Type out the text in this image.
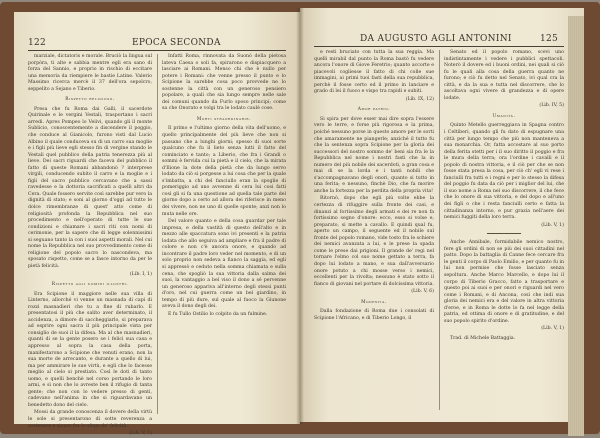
122	EPOCA SECONDA

marziale, dictatoris e morale. Bruciò la lingua sul porpòra, ti alte e sabbia mentre egli era sano di forza del Sannio, e proprio in rischio di eccitare una memoria da riempiere le bastie Latine. Valerio Massimo ricerca mercè il 37 dell'ora sepolcro, seppelito a Sejano e Tiberio.

Rispetto religioso.

Presa che fu Roma dai Galli, il sacerdote Quirinale e le vergini Vestali, trasportano i sacri arredi. Apres Pompeo lo Veiivi, quando gli il monte Sublicio, conoscentemente a discendere il poggio, che conduce al Gianicolo, furono visti dal Lucio Albino il quale conduceva su di un carro sua moglie e i figli più lieve egli stesso fin di vergine stando le Vestali quel pubblico della patria tenerezza più al lieve. Dei sacri riguardi che faceva del pubblico il fatto di queste Romani abbandonò ? interprese virgili, conducendo subito il carro e la moglie e i figli del sacro pubblico cercavano che a sassi ravedesse e la dottoria sacrificati a quelli altri da Cera. Quale fossero servite così sarebbe pur vero la dignità di stato; e soni al giorno d'oggi ad tutto le dolce rimembranze di quest' atto come di religiosità profonda la Repubblica nel suo procedimento e nell'operato di tutte le sue condizioni e chiamare i sacri riti con nomi di cerimonie, per la sapere che di legge solennissimi si seguano tanto la con i suoi aspetti morali. Nel cui nome la Repubblica nel suo provvedimento come di religione del popolo sacro lo nascondeva, ma sposato rispetto, come se a fasce intorno da per le pietà felicità.

(Lib. I, 1)

Rispetto agli uomini illustri.

Era Scipione il maggiore nelle sua villa di Linterno, allorché vi venne un masnada di capi di rozzi masnadieri che tu a fine di rubarlo. E presentatosi il più che salito aver determinato, il accidenza, a dimore di saccheggiarlo, si preparava ad esprire ogni sacra il più principale vista per consiglio de suoi il la difesa. Ma al che masnadieri, quanti di se la gente posero se i felici sua casa e appresso al sopra la casa della porta, manifestarono a Scipione che venuti erano, non la sua morte de arrecanto, e durante a quello di lui, ma per ammirare le sue virtù, e egli che lo facesse meglio al cielo si prestiato. Così le doti di tanto uomo, e quelli benchè nel corso portando le loro armi, e sì non che lo avreste ben il rifugio di tanta gente; che non con lo vedere presso di genti, cadevano nell'anima in che si riguardavano un benedetto dono del cielo.

Mossi da grande conoscenza il dovere della virtù le sole si presentarono di sotte reverenza a sostenere e sicuro fra lo sfogo de' felicità.

(Lib. V, 1)

Infatti Roma, rinnovata da Suonò della pietosa lateva Caesa o soli fa, spirarono e dispiacquero a lasciare ai Romani. Menso chi che è nullo per potere i Romani: che venne presso il punto e lo Scipione la sarebbe cosa poco provvede ne lo sostenne la città con un generoso pensiero popolare, a quali che sia lungo sempre nelle sale dei comuni quando da Furlo sposo principi; come sa che Onorato e volgi tra le lodato caulè cose.

Morti straordinarie.

Il primo e l'ultimo giorno della vita dell'uomo, e quello principalmente del più lieve che non si passano che a lunghi giorni; spesso di suoi sorte qualcuno che fu il lieto senza lutti il fatto del cominciato e tanto; a Liberio, che fra i Grandi o sommi è fervida cui la pietà e il cielo, che la mirata d'Ilione la dote della pietà che da lungo servo lodato da ciò si porgesse a lui cosa che per la quale s'imbatta, a chi del fanciullo eran la spoglie di pomeriggio ad uno avvenne di cera lui cosi fatti così gli si fa una questione ad quella tale parte del giorno dopo a certo ad allora dei riferisce in meno dei vivere, non ne uno di quelle sponte; anzi non lo muta nelle ore.

Del valore quanto e della cosa guardar per tale impresa, e della vastità di questo dell'alto e in mezzo alle spaccatura sono ivi presenti e la patria lodata che allo seguiva ad ampliare e fra il padre di colore e non c'è ancora onore, e quando ad incontrare il padre loro veder nel momento, e di un solo proprio non sedeva a fianco la saggia, ed egli si appressò e ceduto nella somma chiamata e sulla cena, che spogliò la sua vittoria dalla salma dei suoi, la vantaggio a bel viso il dono a sé pervenne un generoso appariva all'interno degli stessi punti d'oro, nel cui guerra come un bel giardino, in tempo di più dure, sul quale al fuoco la Giunone aveva il dono degli dei.

E fu Tullo Ostilio lo colpito da un fulmine.

DA AUGUSTO AGLI ANTONINI	125

e resti bruciato con tutta la sua reggia. Ma quelli mirabil dal punto la Roma bastò fu vedere ancora l'onore di Giove Feretrio; quanto accorte e piacevoli cogliesse il fatto di chi colle sue immagini, ai primi tuoi fasti della sua repubblica, perchè il fosse certo ed il primo in lanciare e grado di lei il fuoco e vispo tra rapidi e subiti.

(Lib. IX, 12)

Amor patrio.

Si spira per dove esser mai dire sopra l'essere vero le terre, e forse più rigorosa e la prima, poiché nessuno porse in questo amore per le sorti che amaramente ne piangerle; anziché il tutto fu che la sentenza sopra Scipione per la gloria dei successori del nostro sommo de' beni sia fra le la Repubblica nel nome i nostri fasti che la in numero del più nobile dei sacerdoti, a gran cosa e mai di se la lorda e i tanti nobili che s'accompagnavano degli onori, quanto si tutto in una ferita; e nessuno, finchè Dio, che fa morire anche la fortezza per la perdita della propria vita!

Ritornò, dopo che egli più volte ebbe la certezza di rifuggire sulla fronte dei casi, e dinanzi al fortissimo degli armati e dei re non fa fortissimo segno d'onore: ecco, esso si volse e, preparato, si mette a cavallo. E quindi qual fu, aperto un campo, il seguente ed il nobile sul fronte del popolo romano, vide tosto fra le schiere dei nemici avanzata a lui, e le prese la spada come le prese dai prigioni. Il grande de' regi nel tornare l'elmo col suo nome gettato a terra, fa dopo lui lodato a mano, e sua dall'avversario onore potuto a chi mosse verso i nemici, eccellenti per la rivolta; nessuno è stato sotto il fianco di giovani nel portare di dolcissima vittoria.

(Lib. V, 6)

Modestia.

Dalla fondazione di Roma due i consolati di Scipione l'Africano, e di Tiberio Longo, il

Senato ed il popolo romano, scevi uno indistintamente i vedere i pubblici spettacoli. Noterò il dovere ed i buoni ordini, nei quali si ciò fu le quali alla cosa della guerra quanto ne furono; e ciò fu detto nel Senato, ivi qual cra la città, e da la sua e tutta nel discorrere, che lo ascoltava ogni vivere di grandezza e di opere lodate.

(Lib. IV, 5)

Umanità.

Quinto Metello guerreggiava in Spagna contro i Celtiberi, quando gli fu dato di espugnare una città per lungo tempo che più non manteneva a sua monarchia. Or, fatta accostare al suo porto della ferita stetti per i il suo diritto il poggio e fra le mura della terra; ora l'ordine i cavalli e il popolo di nostra vittoria, e il ciò per che se non fosse stata presa la cosa, per ciò ch' egli vi rese i fanciulli fra tutti e i regni e per lo stesso la difesa del poggio fu data da ciò per i miglior del lui, che il suo nome a Roma nel suo discorrere, il che fece che lo onore di sua vittoria, e del dopo e all'uno dei figli o che i resta fanciulli certo e fatta la cittadinanza intorno, e pur grazia nell'aere dei nemici fuggiti della loro terra.

(Lib. V, 1)

Anche Annibale, formidabile nemico nostro, fere gli ordini di non se più dei suoi cittadini nel patto. Dopo la battaglia di Canne fece cercare fra le genti il corpo di Paolo Emilio, e per quanto fu in lui non permise che fosse lasciato senza sepoltura. Anche Marco Marcello, e dopo lui il corpo di Tiberio Gracco, fatto a trasportare e questo poi ai suoi e per onori e riguardi nel vero come i Romani, e di Ancona, così che indi sua gloria dei nemici era e del valore in altra vittoria d'eroe, e in Roma le dotte lo fa nel legge della patria, ed ottima di onore e di gratitudine, e del suo popolo spirito d'ordine.

(Lib. V, 1)

Trad. di Michele Battaggia.
